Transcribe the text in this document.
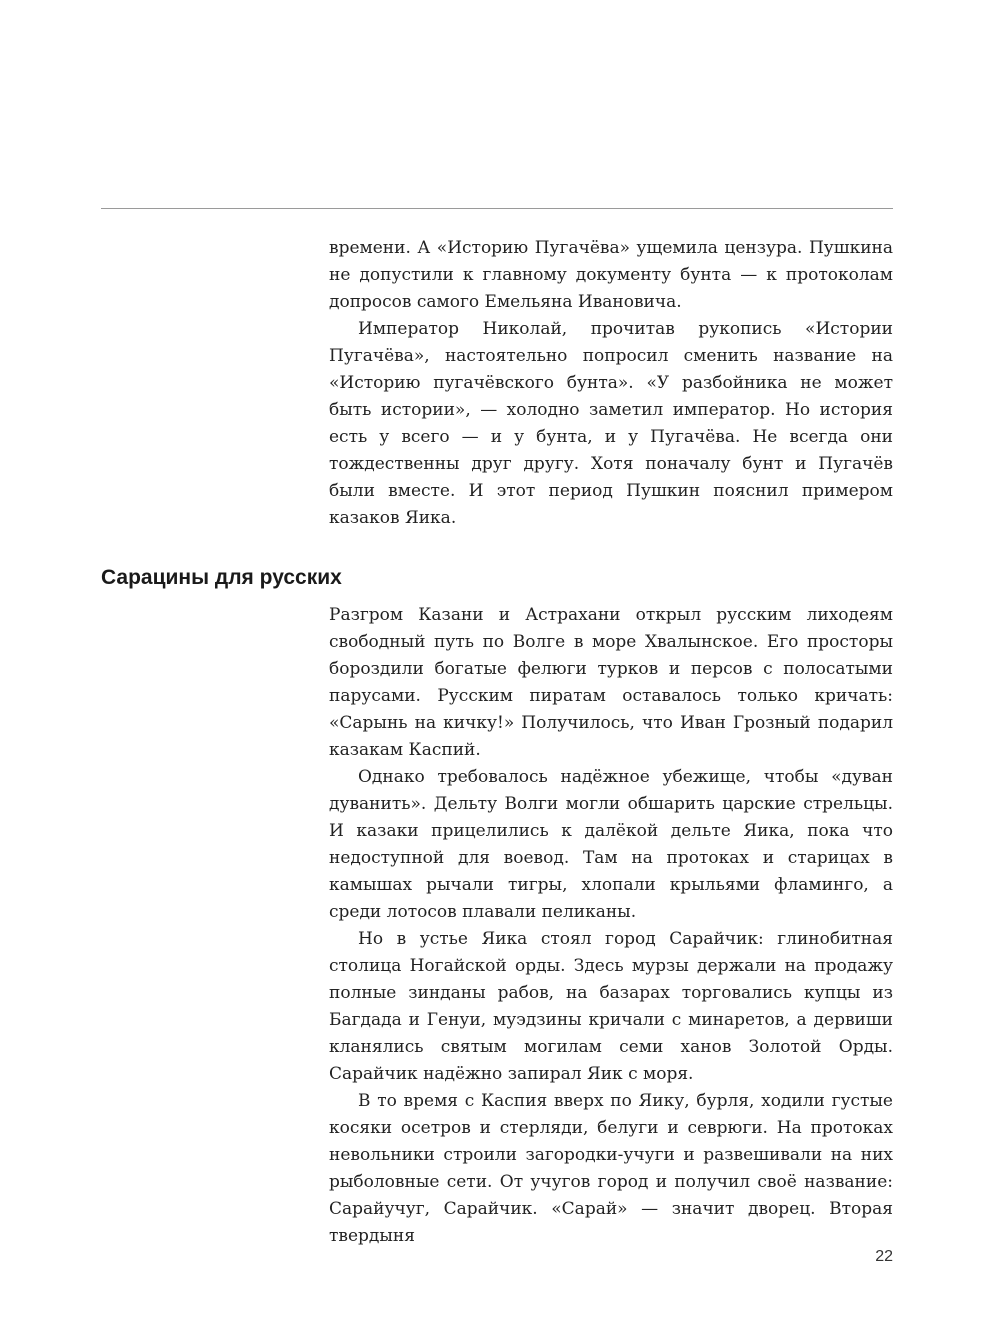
времени. А «Историю Пугачёва» ущемила цензура. Пушкина не допустили к главному документу бунта — к протоколам допросов самого Емельяна Ивановича.

Император Николай, прочитав рукопись «Истории Пугачёва», настоятельно попросил сменить название на «Историю пугачёвского бунта». «У разбойника не может быть истории», — холодно заметил император. Но история есть у всего — и у бунта, и у Пугачёва. Не всегда они тождественны друг другу. Хотя поначалу бунт и Пугачёв были вместе. И этот период Пушкин пояснил примером казаков Яика.

Сарацины для русских

Разгром Казани и Астрахани открыл русским лиходеям свободный путь по Волге в море Хвалынское. Его просторы бороздили богатые фелюги турков и персов с полосатыми парусами. Русским пиратам оставалось только кричать: «Сарынь на кичку!» Получилось, что Иван Грозный подарил казакам Каспий.

Однако требовалось надёжное убежище, чтобы «дуван дуванить». Дельту Волги могли обшарить царские стрельцы. И казаки прицелились к далёкой дельте Яика, пока что недоступной для воевод. Там на протоках и старицах в камышах рычали тигры, хлопали крыльями фламинго, а среди лотосов плавали пеликаны.

Но в устье Яика стоял город Сарайчик: глинобитная столица Ногайской орды. Здесь мурзы держали на продажу полные зинданы рабов, на базарах торговались купцы из Багдада и Генуи, муэдзины кричали с минаретов, а дервиши кланялись святым могилам семи ханов Золотой Орды. Сарайчик надёжно запирал Яик с моря.

В то время с Каспия вверх по Яику, бурля, ходили густые косяки осетров и стерляди, белуги и севрюги. На протоках невольники строили загородки-учуги и развешивали на них рыболовные сети. От учугов город и получил своё название: Сарайучуг, Сарайчик. «Сарай» — значит дворец. Вторая твердыня

22
